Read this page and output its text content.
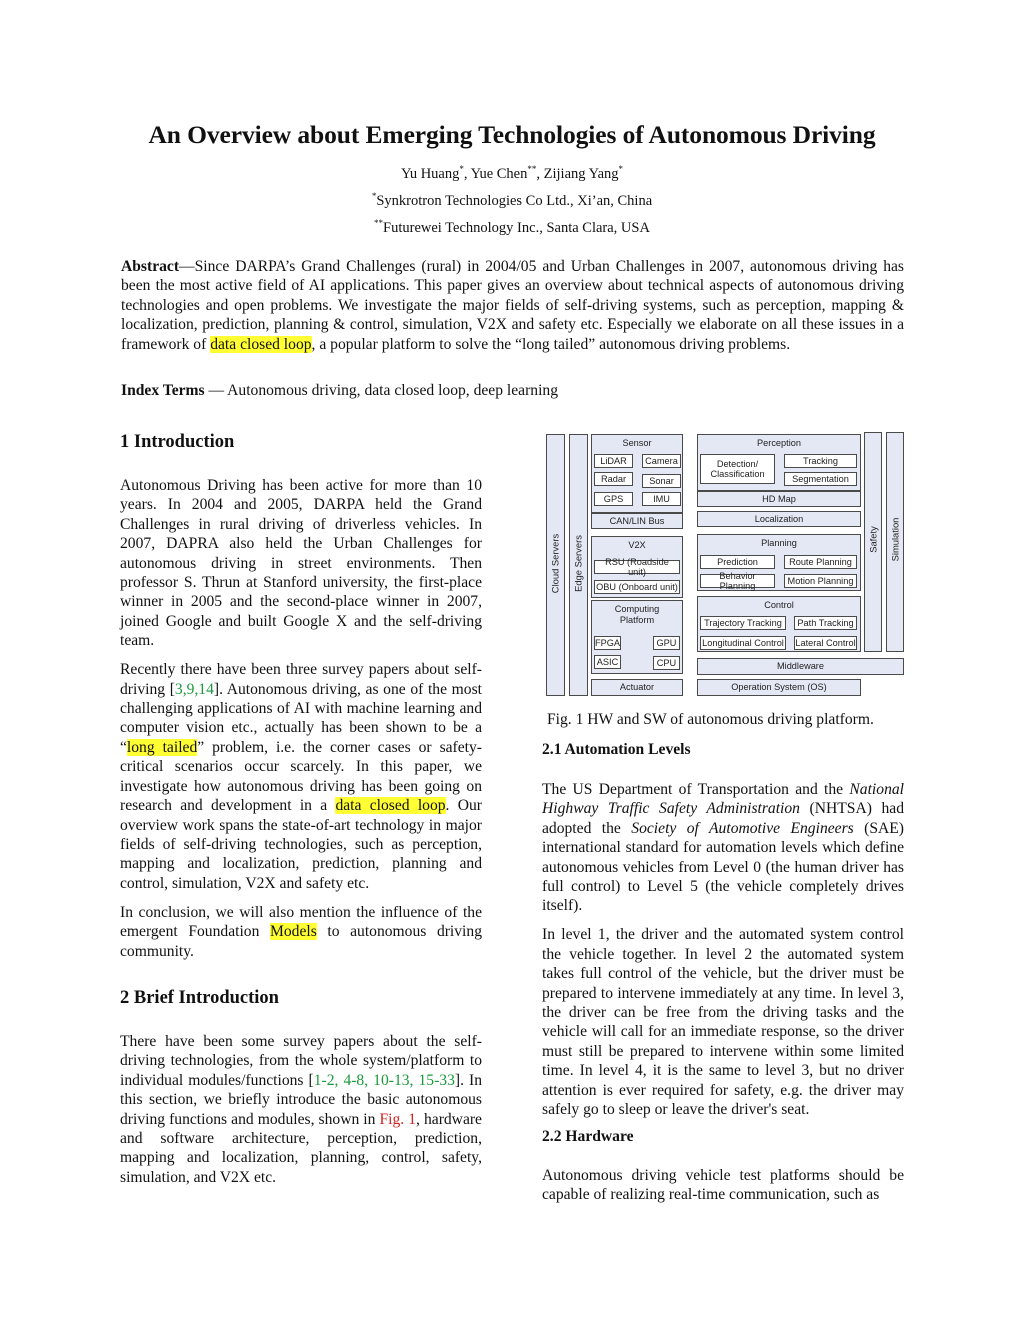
An Overview about Emerging Technologies of Autonomous Driving
Yu Huang*, Yue Chen**, Zijiang Yang*
*Synkrotron Technologies Co Ltd., Xi’an, China
**Futurewei Technology Inc., Santa Clara, USA
Abstract—Since DARPA’s Grand Challenges (rural) in 2004/05 and Urban Challenges in 2007, autonomous driving has been the most active field of AI applications. This paper gives an overview about technical aspects of autonomous driving technologies and open problems. We investigate the major fields of self-driving systems, such as perception, mapping & localization, prediction, planning & control, simulation, V2X and safety etc. Especially we elaborate on all these issues in a framework of data closed loop, a popular platform to solve the “long tailed” autonomous driving problems.
Index Terms — Autonomous driving, data closed loop, deep learning
1 Introduction

Autonomous Driving has been active for more than 10 years. In 2004 and 2005, DARPA held the Grand Challenges in rural driving of driverless vehicles. In 2007, DAPRA also held the Urban Challenges for autonomous driving in street environments. Then professor S. Thrun at Stanford university, the first-place winner in 2005 and the second-place winner in 2007, joined Google and built Google X and the self-driving team.

Recently there have been three survey papers about self-driving [3,9,14]. Autonomous driving, as one of the most challenging applications of AI with machine learning and computer vision etc., actually has been shown to be a “long tailed” problem, i.e. the corner cases or safety-critical scenarios occur scarcely. In this paper, we investigate how autonomous driving has been going on research and development in a data closed loop. Our overview work spans the state-of-art technology in major fields of self-driving technologies, such as perception, mapping and localization, prediction, planning and control, simulation, V2X and safety etc.

In conclusion, we will also mention the influence of the emergent Foundation Models to autonomous driving community.

2 Brief Introduction

There have been some survey papers about the self-driving technologies, from the whole system/platform to individual modules/functions [1-2, 4-8, 10-13, 15-33]. In this section, we briefly introduce the basic autonomous driving functions and modules, shown in Fig. 1, hardware and software architecture, perception, prediction, mapping and localization, planning, control, safety, simulation, and V2X etc.

Cloud Servers Edge Servers
Sensor
LiDAR	Camera
Radar	Sonar
GPS	IMU
CAN/LIN Bus
V2X
RSU (Roadside unit)
OBU (Onboard unit)
Computing Platform
FPGA	GPU
ASIC	CPU
Actuator
Perception
Detection/ Classification
Tracking
Segmentation
HD Map
Localization
Planning
Prediction	Route Planning
Behavior Planning
Motion Planning
Control
Trajectory Tracking	Path Tracking
Longitudinal Control Lateral Control
Middleware
Operation System (OS)
Safety Simulation
Fig. 1 HW and SW of autonomous driving platform.
2.1 Automation Levels

The US Department of Transportation and the National Highway Traffic Safety Administration (NHTSA) had adopted the Society of Automotive Engineers (SAE) international standard for automation levels which define autonomous vehicles from Level 0 (the human driver has full control) to Level 5 (the vehicle completely drives itself).

In level 1, the driver and the automated system control the vehicle together. In level 2 the automated system takes full control of the vehicle, but the driver must be prepared to intervene immediately at any time. In level 3, the driver can be free from the driving tasks and the vehicle will call for an immediate response, so the driver must still be prepared to intervene within some limited time. In level 4, it is the same to level 3, but no driver attention is ever required for safety, e.g. the driver may safely go to sleep or leave the driver's seat.

2.2 Hardware

Autonomous driving vehicle test platforms should be capable of realizing real-time communication, such as
